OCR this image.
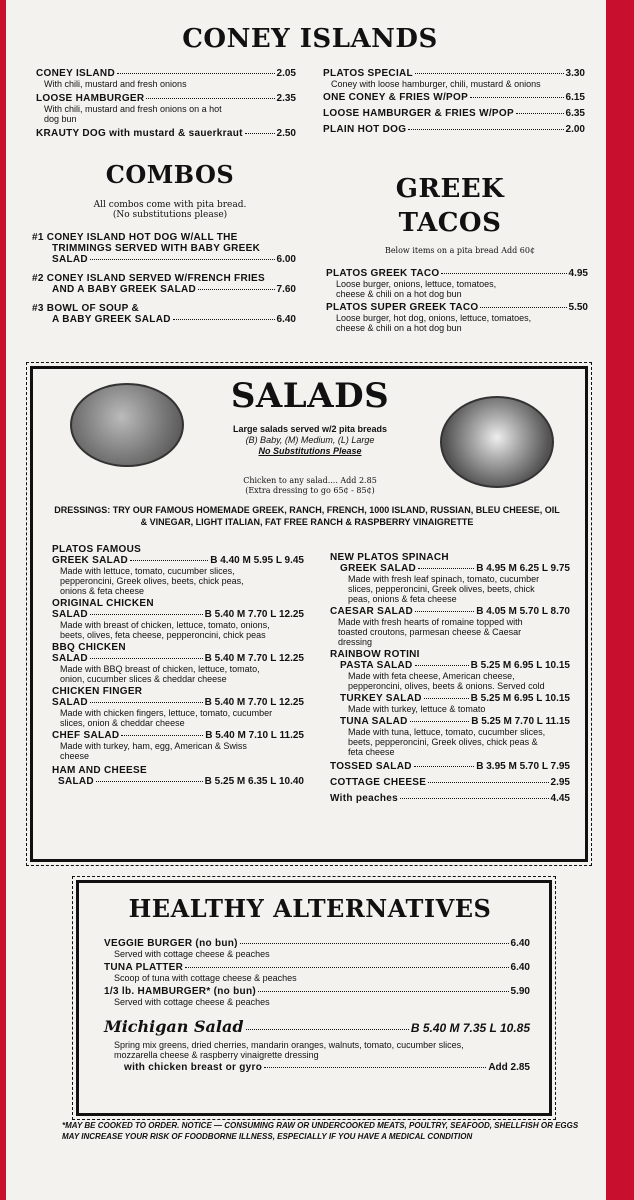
CONEY ISLANDS
CONEY ISLAND	2.05
With chili, mustard and fresh onions
LOOSE HAMBURGER	2.35
With chili, mustard and fresh onions on a hot dog bun
KRAUTY DOG with mustard & sauerkraut	2.50
PLATOS SPECIAL	3.30
Coney with loose hamburger, chili, mustard & onions
ONE CONEY & FRIES W/POP	6.15
LOOSE HAMBURGER & FRIES W/POP	6.35
PLAIN HOT DOG	2.00
COMBOS
All combos come with pita bread.
(No substitutions please)
#1 CONEY ISLAND HOT DOG W/ALL THE
TRIMMINGS SERVED WITH BABY GREEK
SALAD	6.00
#2 CONEY ISLAND SERVED W/FRENCH FRIES
AND A BABY GREEK SALAD	7.60
#3 BOWL OF SOUP &
A BABY GREEK SALAD	6.40
GREEK
TACOS
Below items on a pita bread Add 60¢
PLATOS GREEK TACO	4.95
Loose burger, onions, lettuce, tomatoes, cheese & chili on a hot dog bun
PLATOS SUPER GREEK TACO	5.50
Loose burger, hot dog, onions, lettuce, tomatoes, cheese & chili on a hot dog bun
SALADS
Large salads served w/2 pita breads
(B) Baby, (M) Medium, (L) Large
No Substitutions Please
Chicken to any salad.... Add 2.85
(Extra dressing to go 65¢ - 85¢)
DRESSINGS: TRY OUR FAMOUS HOMEMADE GREEK, RANCH, FRENCH, 1000 ISLAND, RUSSIAN, BLEU CHEESE, OIL & VINEGAR, LIGHT ITALIAN, FAT FREE RANCH & RASPBERRY VINAIGRETTE
PLATOS FAMOUS
GREEK SALAD	B 4.40 M 5.95 L 9.45
Made with lettuce, tomato, cucumber slices, pepperoncini, Greek olives, beets, chick peas, onions & feta cheese
ORIGINAL CHICKEN
SALAD	B 5.40 M 7.70 L 12.25
Made with breast of chicken, lettuce, tomato, onions, beets, olives, feta cheese, pepperoncini, chick peas
BBQ CHICKEN
SALAD	B 5.40 M 7.70 L 12.25
Made with BBQ breast of chicken, lettuce, tomato, onion, cucumber slices & cheddar cheese
CHICKEN FINGER
SALAD	B 5.40 M 7.70 L 12.25
Made with chicken fingers, lettuce, tomato, cucumber slices, onion & cheddar cheese
CHEF SALAD	B 5.40 M 7.10 L 11.25
Made with turkey, ham, egg, American & Swiss cheese
HAM AND CHEESE
SALAD	B 5.25 M 6.35 L 10.40
NEW PLATOS SPINACH
GREEK SALAD	B 4.95 M 6.25 L 9.75
Made with fresh leaf spinach, tomato, cucumber slices, pepperoncini, Greek olives, beets, chick peas, onions & feta cheese
CAESAR SALAD	B 4.05 M 5.70 L 8.70
Made with fresh hearts of romaine topped with toasted croutons, parmesan cheese & Caesar dressing
RAINBOW ROTINI
PASTA SALAD	B 5.25 M 6.95 L 10.15
Made with feta cheese, American cheese, pepperoncini, olives, beets & onions. Served cold
TURKEY SALAD	B 5.25 M 6.95 L 10.15
Made with turkey, lettuce & tomato
TUNA SALAD	B 5.25 M 7.70 L 11.15
Made with tuna, lettuce, tomato, cucumber slices, beets, pepperoncini, Greek olives, chick peas & feta cheese
TOSSED SALAD	B 3.95 M 5.70 L 7.95
COTTAGE CHEESE	2.95
With peaches	4.45
HEALTHY ALTERNATIVES
VEGGIE BURGER (no bun)	6.40
Served with cottage cheese & peaches
TUNA PLATTER	6.40
Scoop of tuna with cottage cheese & peaches
1/3 lb. HAMBURGER* (no bun)	5.90
Served with cottage cheese & peaches
Michigan Salad	B 5.40 M 7.35 L 10.85
Spring mix greens, dried cherries, mandarin oranges, walnuts, tomato, cucumber slices, mozzarella cheese & raspberry vinaigrette dressing
with chicken breast or gyro	Add 2.85
*MAY BE COOKED TO ORDER. NOTICE — CONSUMING RAW OR UNDERCOOKED MEATS, POULTRY, SEAFOOD, SHELLFISH OR EGGS MAY INCREASE YOUR RISK OF FOODBORNE ILLNESS, ESPECIALLY IF YOU HAVE A MEDICAL CONDITION
